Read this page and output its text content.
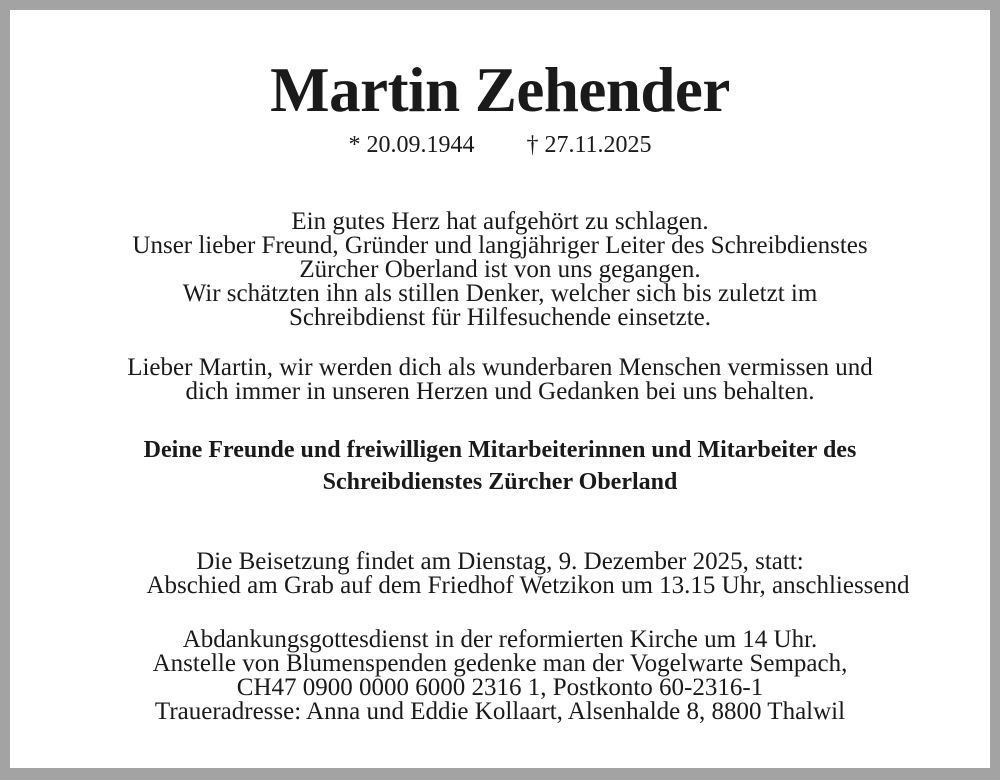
Martin Zehender
* 20.09.1944 † 27.11.2025
Ein gutes Herz hat aufgehört zu schlagen.
Unser lieber Freund, Gründer und langjähriger Leiter des Schreibdienstes
Zürcher Oberland ist von uns gegangen.
Wir schätzten ihn als stillen Denker, welcher sich bis zuletzt im
Schreibdienst für Hilfesuchende einsetzte.
Lieber Martin, wir werden dich als wunderbaren Menschen vermissen und
dich immer in unseren Herzen und Gedanken bei uns behalten.
Deine Freunde und freiwilligen Mitarbeiterinnen und Mitarbeiter des
Schreibdienstes Zürcher Oberland
Die Beisetzung findet am Dienstag, 9. Dezember 2025, statt:
Abschied am Grab auf dem Friedhof Wetzikon um 13.15 Uhr, anschliessend
Abdankungsgottesdienst in der reformierten Kirche um 14 Uhr.
Anstelle von Blumenspenden gedenke man der Vogelwarte Sempach,
CH47 0900 0000 6000 2316 1, Postkonto 60-2316-1
Traueradresse: Anna und Eddie Kollaart, Alsenhalde 8, 8800 Thalwil
